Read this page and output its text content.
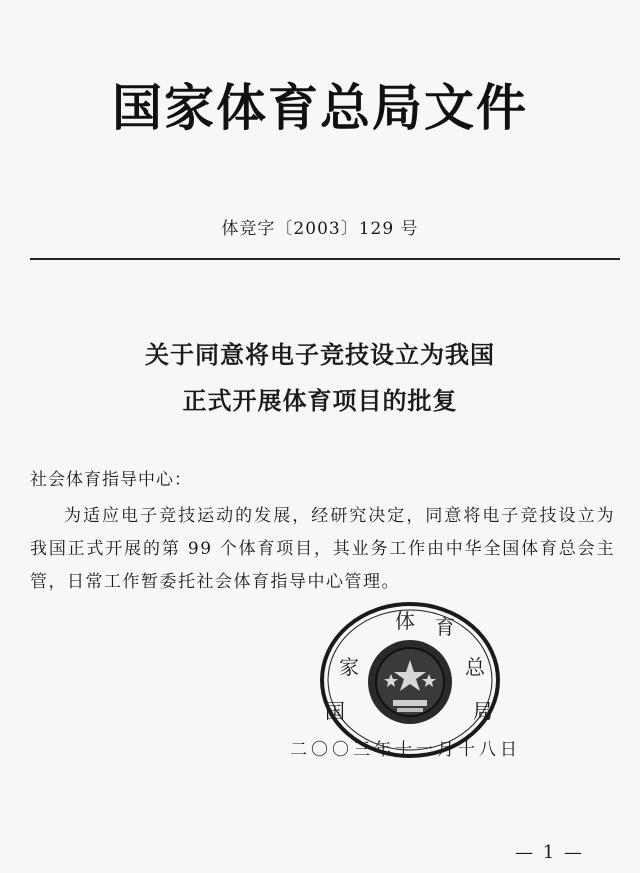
国家体育总局文件
体竞字〔2003〕129 号
关于同意将电子竞技设立为我国
正式开展体育项目的批复
社会体育指导中心：
为适应电子竞技运动的发展，经研究决定，同意将电子竞技设立为我国正式开展的第 99 个体育项目，其业务工作由中华全国体育总会主管，日常工作暂委托社会体育指导中心管理。
家
国
体 育
总
局
二〇〇三年十一月十八日
— 1 —
